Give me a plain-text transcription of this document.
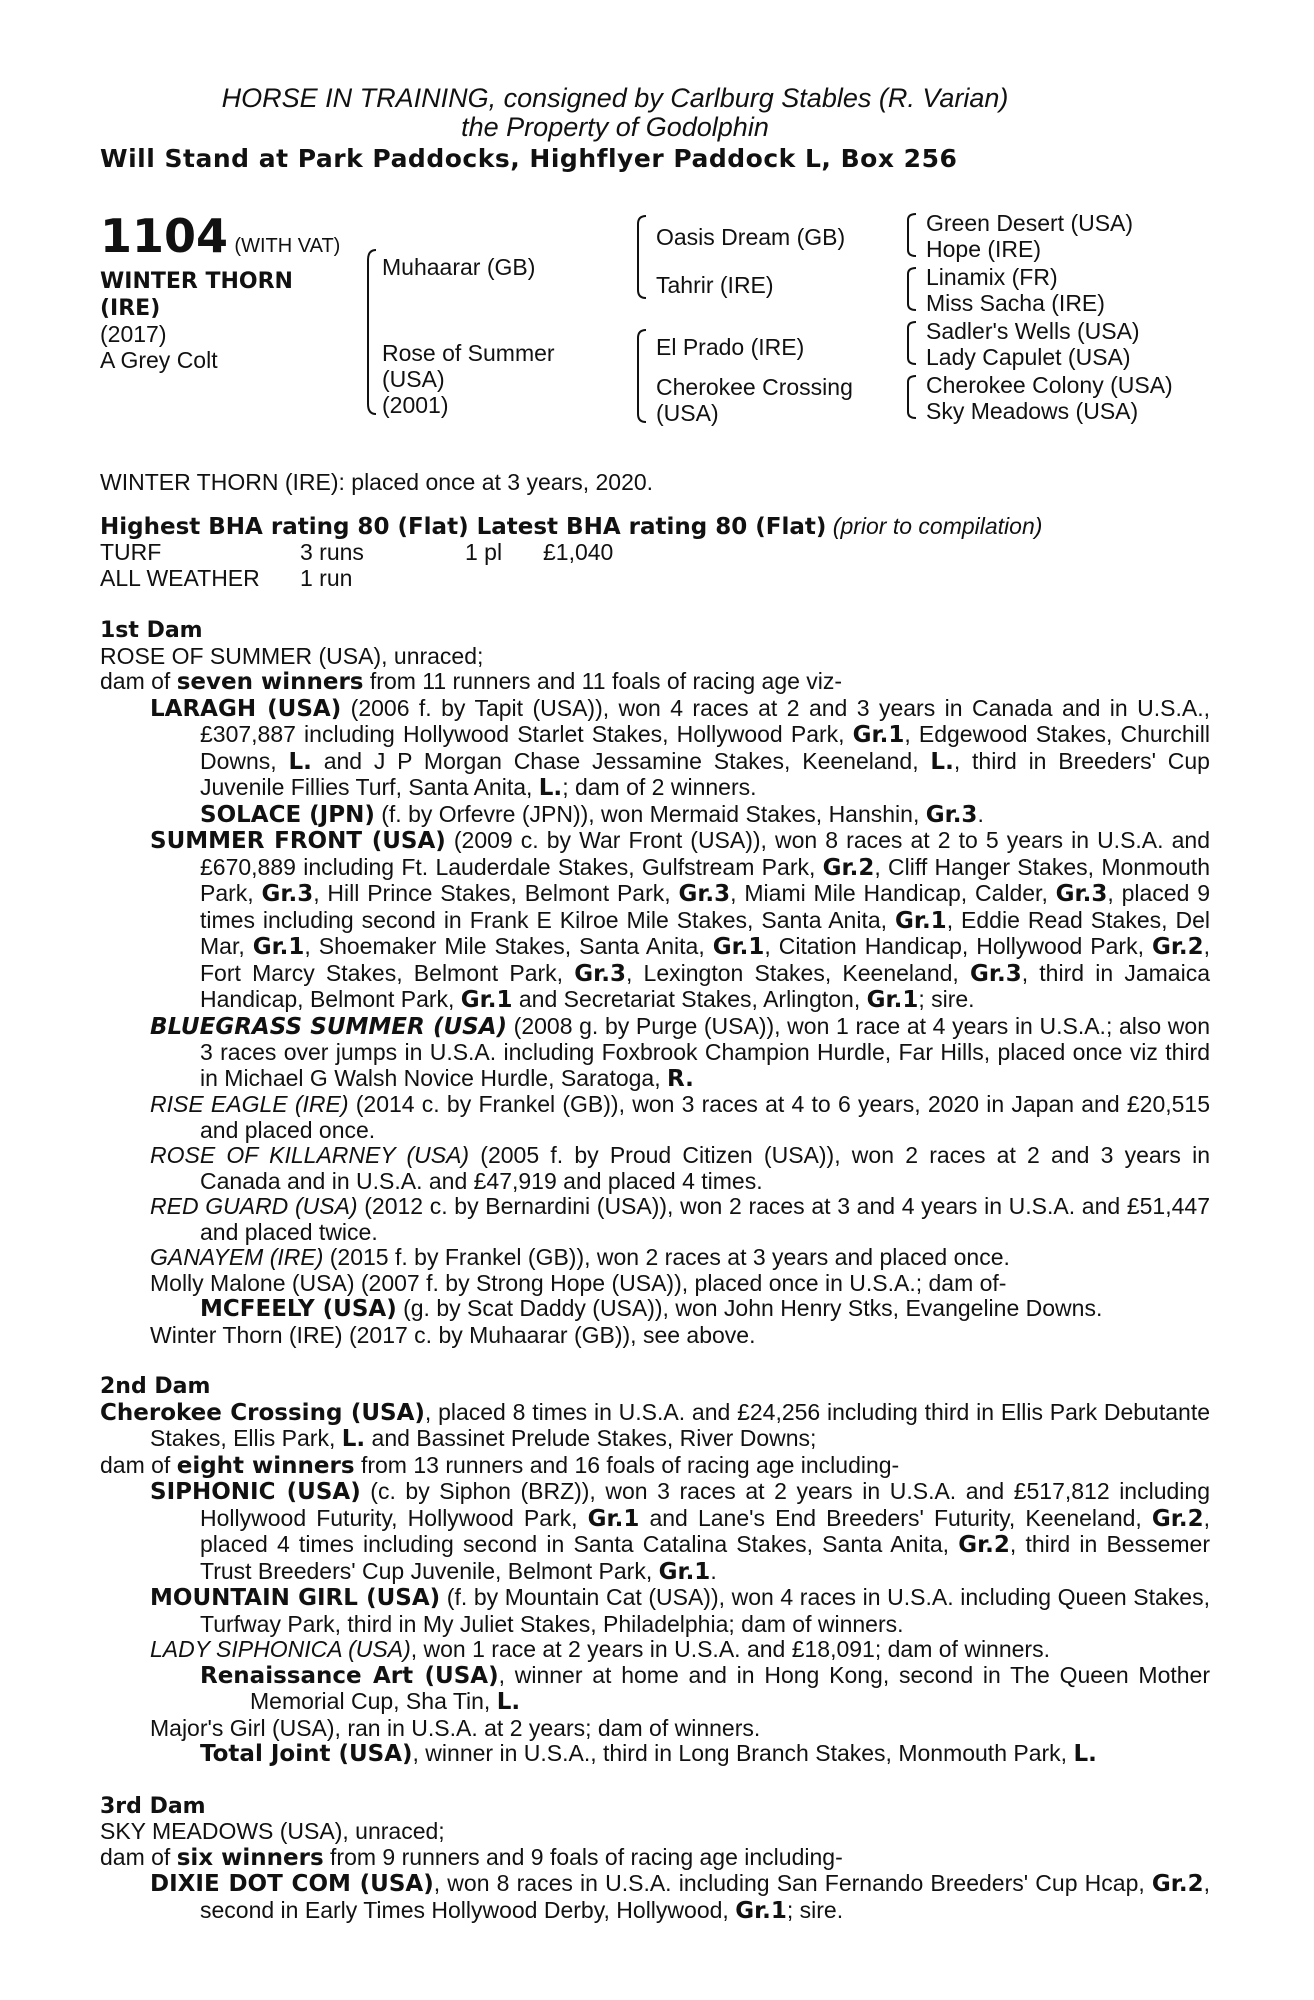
HORSE IN TRAINING, consigned by Carlburg Stables (R. Varian)
the Property of Godolphin
Will Stand at Park Paddocks, Highflyer Paddock L, Box 256
1104 (WITH VAT)
WINTER THORN
(IRE)
(2017)
A Grey Colt
Muhaarar (GB)
Rose of Summer
(USA)
(2001)
Oasis Dream (GB)
Tahrir (IRE)
El Prado (IRE)
Cherokee Crossing
(USA)
Green Desert (USA)
Hope (IRE)
Linamix (FR)
Miss Sacha (IRE)
Sadler's Wells (USA)
Lady Capulet (USA)
Cherokee Colony (USA)
Sky Meadows (USA)
WINTER THORN (IRE): placed once at 3 years, 2020.
Highest BHA rating 80 (Flat) Latest BHA rating 80 (Flat) (prior to compilation)
TURF	3 runs	1 pl	£1,040
ALL WEATHER	1 run
1st Dam
ROSE OF SUMMER (USA), unraced;
dam of seven winners from 11 runners and 11 foals of racing age viz-
LARAGH (USA) (2006 f. by Tapit (USA)), won 4 races at 2 and 3 years in Canada and in U.S.A., £307,887 including Hollywood Starlet Stakes, Hollywood Park, Gr.1, Edgewood Stakes, Churchill Downs, L. and J P Morgan Chase Jessamine Stakes, Keeneland, L., third in Breeders' Cup Juvenile Fillies Turf, Santa Anita, L.; dam of 2 winners.
SOLACE (JPN) (f. by Orfevre (JPN)), won Mermaid Stakes, Hanshin, Gr.3.
SUMMER FRONT (USA) (2009 c. by War Front (USA)), won 8 races at 2 to 5 years in U.S.A. and £670,889 including Ft. Lauderdale Stakes, Gulfstream Park, Gr.2, Cliff Hanger Stakes, Monmouth Park, Gr.3, Hill Prince Stakes, Belmont Park, Gr.3, Miami Mile Handicap, Calder, Gr.3, placed 9 times including second in Frank E Kilroe Mile Stakes, Santa Anita, Gr.1, Eddie Read Stakes, Del Mar, Gr.1, Shoemaker Mile Stakes, Santa Anita, Gr.1, Citation Handicap, Hollywood Park, Gr.2, Fort Marcy Stakes, Belmont Park, Gr.3, Lexington Stakes, Keeneland, Gr.3, third in Jamaica Handicap, Belmont Park, Gr.1 and Secretariat Stakes, Arlington, Gr.1; sire.
BLUEGRASS SUMMER (USA) (2008 g. by Purge (USA)), won 1 race at 4 years in U.S.A.; also won 3 races over jumps in U.S.A. including Foxbrook Champion Hurdle, Far Hills, placed once viz third in Michael G Walsh Novice Hurdle, Saratoga, R.
RISE EAGLE (IRE) (2014 c. by Frankel (GB)), won 3 races at 4 to 6 years, 2020 in Japan and £20,515 and placed once.
ROSE OF KILLARNEY (USA) (2005 f. by Proud Citizen (USA)), won 2 races at 2 and 3 years in Canada and in U.S.A. and £47,919 and placed 4 times.
RED GUARD (USA) (2012 c. by Bernardini (USA)), won 2 races at 3 and 4 years in U.S.A. and £51,447 and placed twice.
GANAYEM (IRE) (2015 f. by Frankel (GB)), won 2 races at 3 years and placed once.
Molly Malone (USA) (2007 f. by Strong Hope (USA)), placed once in U.S.A.; dam of-
MCFEELY (USA) (g. by Scat Daddy (USA)), won John Henry Stks, Evangeline Downs.
Winter Thorn (IRE) (2017 c. by Muhaarar (GB)), see above.
2nd Dam
Cherokee Crossing (USA), placed 8 times in U.S.A. and £24,256 including third in Ellis Park Debutante Stakes, Ellis Park, L. and Bassinet Prelude Stakes, River Downs;
dam of eight winners from 13 runners and 16 foals of racing age including-
SIPHONIC (USA) (c. by Siphon (BRZ)), won 3 races at 2 years in U.S.A. and £517,812 including Hollywood Futurity, Hollywood Park, Gr.1 and Lane's End Breeders' Futurity, Keeneland, Gr.2, placed 4 times including second in Santa Catalina Stakes, Santa Anita, Gr.2, third in Bessemer Trust Breeders' Cup Juvenile, Belmont Park, Gr.1.
MOUNTAIN GIRL (USA) (f. by Mountain Cat (USA)), won 4 races in U.S.A. including Queen Stakes, Turfway Park, third in My Juliet Stakes, Philadelphia; dam of winners.
LADY SIPHONICA (USA), won 1 race at 2 years in U.S.A. and £18,091; dam of winners.
Renaissance Art (USA), winner at home and in Hong Kong, second in The Queen Mother Memorial Cup, Sha Tin, L.
Major's Girl (USA), ran in U.S.A. at 2 years; dam of winners.
Total Joint (USA), winner in U.S.A., third in Long Branch Stakes, Monmouth Park, L.
3rd Dam
SKY MEADOWS (USA), unraced;
dam of six winners from 9 runners and 9 foals of racing age including-
DIXIE DOT COM (USA), won 8 races in U.S.A. including San Fernando Breeders' Cup Hcap, Gr.2, second in Early Times Hollywood Derby, Hollywood, Gr.1; sire.
